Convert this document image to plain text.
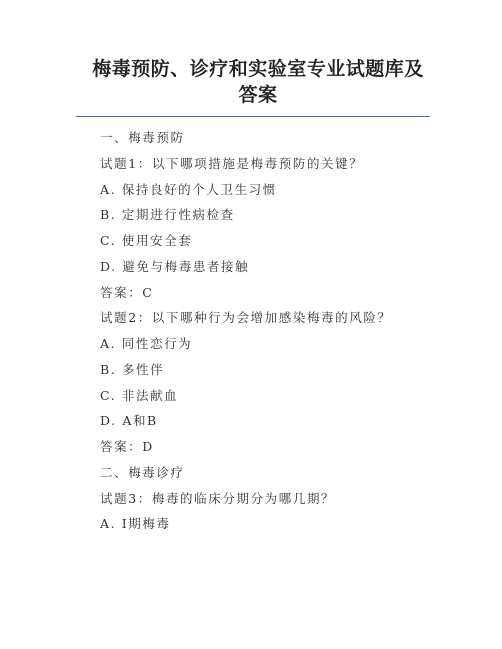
梅毒预防、诊疗和实验室专业试题库及
答案
一、梅毒预防
试题1：以下哪项措施是梅毒预防的关键？
A. 保持良好的个人卫生习惯
B. 定期进行性病检查
C. 使用安全套
D. 避免与梅毒患者接触
答案：C
试题2：以下哪种行为会增加感染梅毒的风险？
A. 同性恋行为
B. 多性伴
C. 非法献血
D. A和B
答案：D
二、梅毒诊疗
试题3：梅毒的临床分期分为哪几期？
A. Ⅰ期梅毒
